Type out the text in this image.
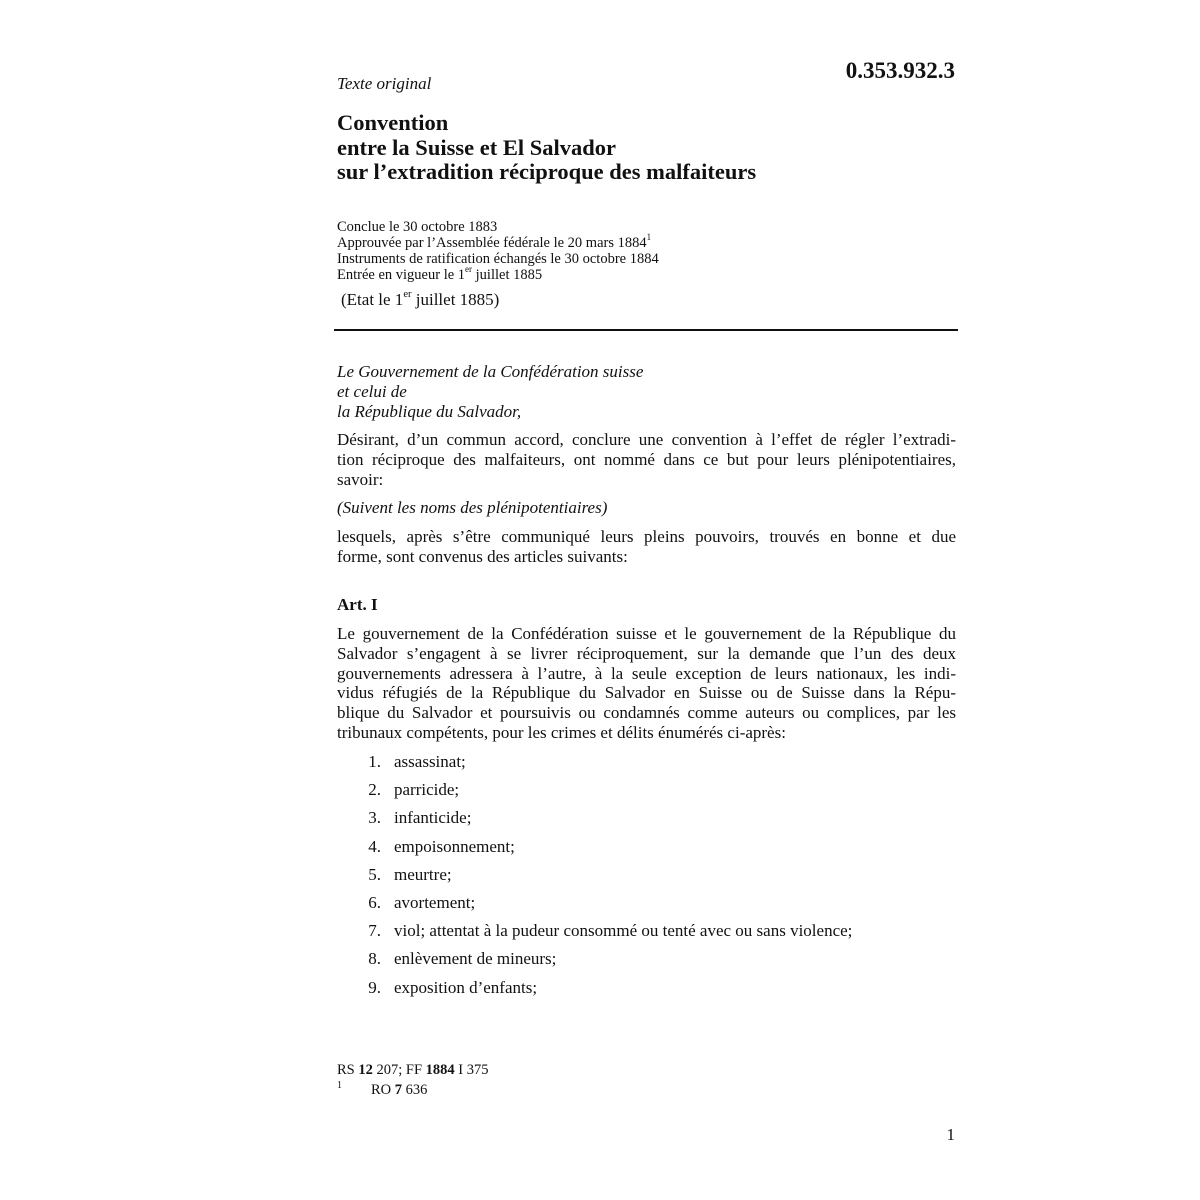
0.353.932.3
Texte original
Convention
entre la Suisse et El Salvador
sur l’extradition réciproque des malfaiteurs
Conclue le 30 octobre 1883
Approuvée par l’Assemblée fédérale le 20 mars 1884$^1$
Instruments de ratification échangés le 30 octobre 1884
Entrée en vigueur le 1er juillet 1885
(Etat le 1er juillet 1885)
Le Gouvernement de la Confédération suisse
et celui de
la République du Salvador,
Désirant, d’un commun accord, conclure une convention à l’effet de régler l’extradi-
tion réciproque des malfaiteurs, ont nommé dans ce but pour leurs plénipotentiaires,
savoir:
(Suivent les noms des plénipotentiaires)
lesquels, après s’être communiqué leurs pleins pouvoirs, trouvés en bonne et due
forme, sont convenus des articles suivants:
Art. I
Le gouvernement de la Confédération suisse et le gouvernement de la République du
Salvador s’engagent à se livrer réciproquement, sur la demande que l’un des deux
gouvernements adressera à l’autre, à la seule exception de leurs nationaux, les indi-
vidus réfugiés de la République du Salvador en Suisse ou de Suisse dans la Répu-
blique du Salvador et poursuivis ou condamnés comme auteurs ou complices, par les
tribunaux compétents, pour les crimes et délits énumérés ci-après:
1. assassinat;
2. parricide;
3. infanticide;
4. empoisonnement;
5. meurtre;
6. avortement;
7. viol; attentat à la pudeur consommé ou tenté avec ou sans violence;
8. enlèvement de mineurs;
9. exposition d’enfants;
RS 12 207; FF 1884 I 375
1 RO 7 636
1
